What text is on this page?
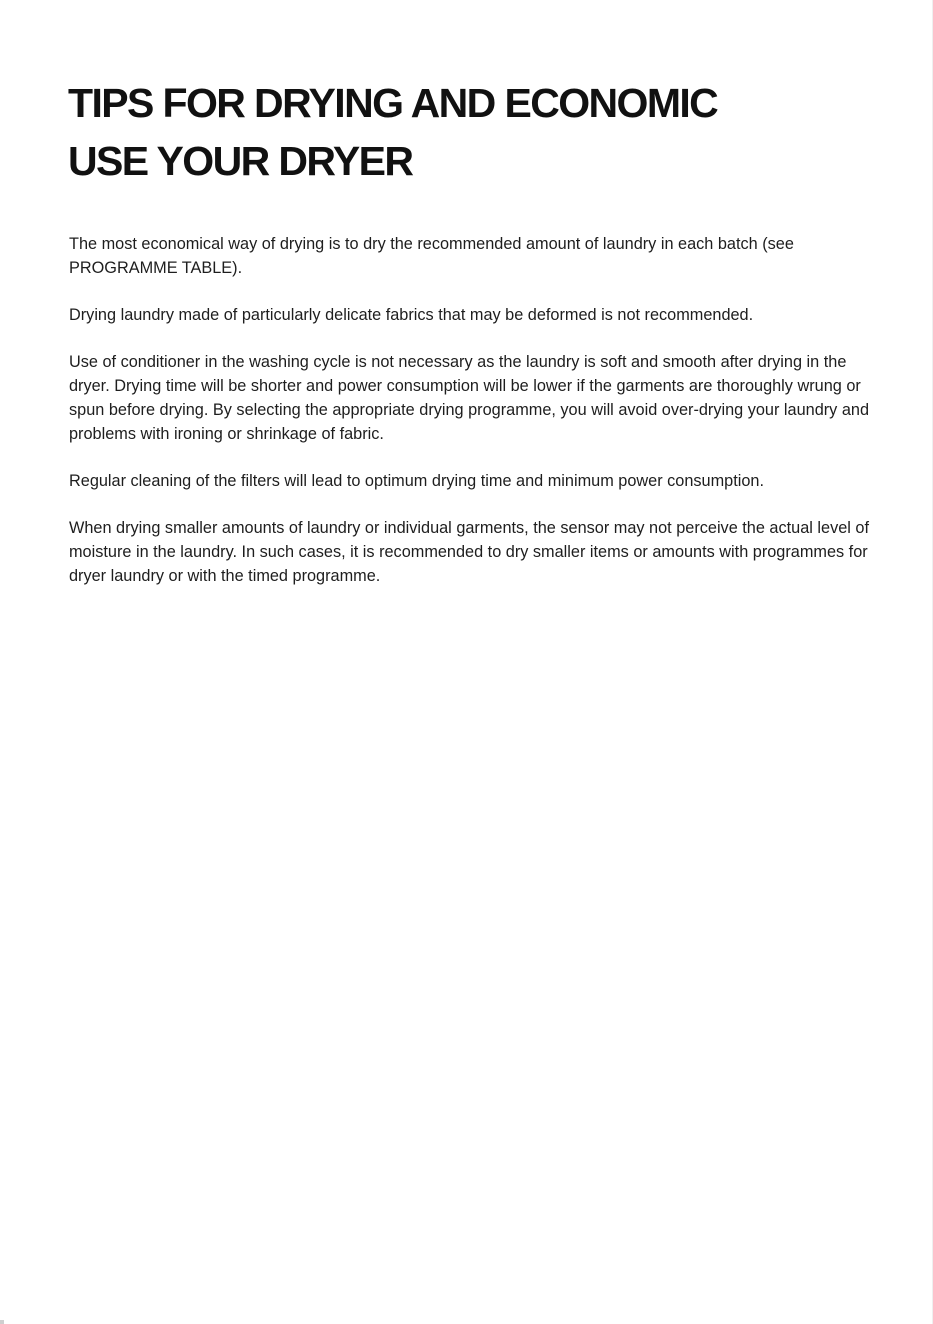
TIPS FOR DRYING AND ECONOMIC
USE YOUR DRYER

The most economical way of drying is to dry the recommended amount of laundry in each batch (see PROGRAMME TABLE).

Drying laundry made of particularly delicate fabrics that may be deformed is not recommended.

Use of conditioner in the washing cycle is not necessary as the laundry is soft and smooth after drying in the dryer. Drying time will be shorter and power consumption will be lower if the garments are thoroughly wrung or spun before drying. By selecting the appropriate drying programme, you will avoid over-drying your laundry and problems with ironing or shrinkage of fabric.

Regular cleaning of the filters will lead to optimum drying time and minimum power consumption.

When drying smaller amounts of laundry or individual garments, the sensor may not perceive the actual level of moisture in the laundry. In such cases, it is recommended to dry smaller items or amounts with programmes for dryer laundry or with the timed programme.
